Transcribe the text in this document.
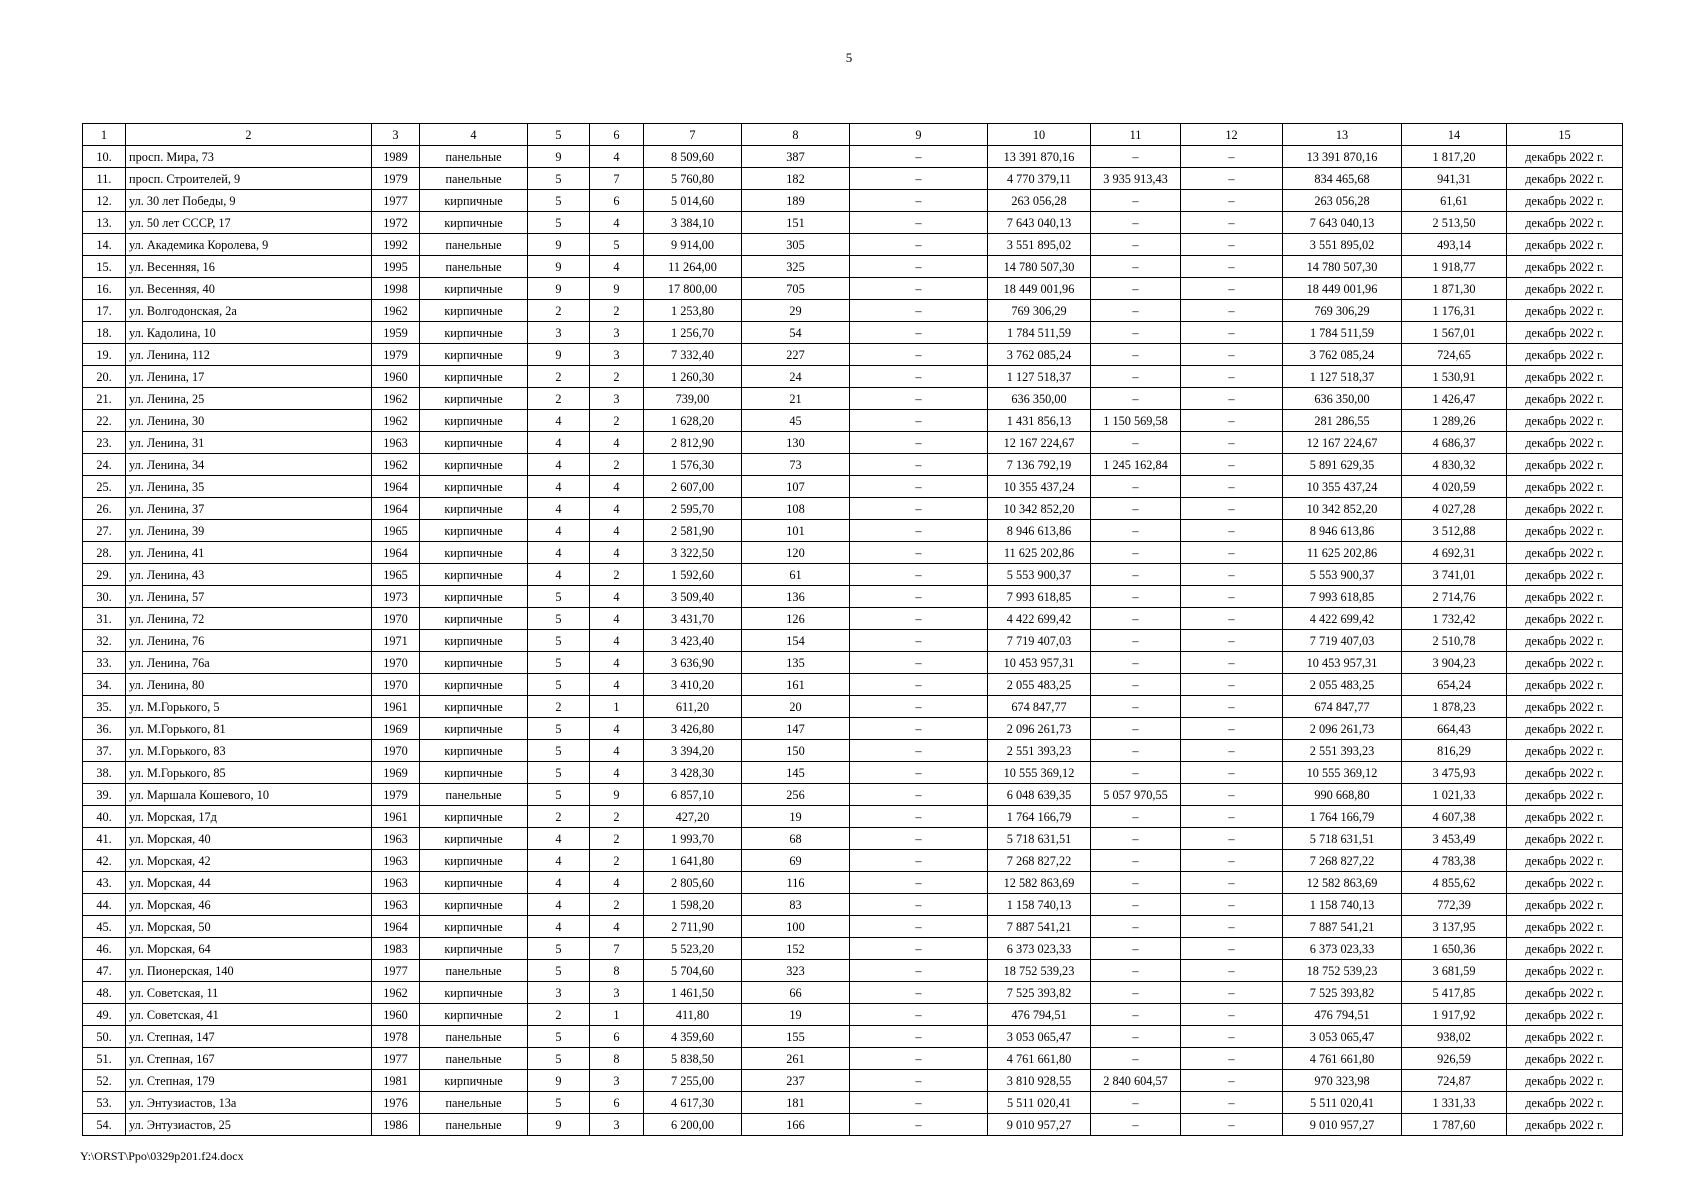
5
1	2	3	4	5	6	7	8	9	10	11	12	13	14	15
10.	просп. Мира, 73	1989	панельные	9	4	8 509,60	387	–	13 391 870,16	–	–	13 391 870,16	1 817,20	декабрь 2022 г.
11.	просп. Строителей, 9	1979	панельные	5	7	5 760,80	182	–	4 770 379,11	3 935 913,43	–	834 465,68	941,31	декабрь 2022 г.
12.	ул. 30 лет Победы, 9	1977	кирпичные	5	6	5 014,60	189	–	263 056,28	–	–	263 056,28	61,61	декабрь 2022 г.
13.	ул. 50 лет СССР, 17	1972	кирпичные	5	4	3 384,10	151	–	7 643 040,13	–	–	7 643 040,13	2 513,50	декабрь 2022 г.
14.	ул. Академика Королева, 9	1992	панельные	9	5	9 914,00	305	–	3 551 895,02	–	–	3 551 895,02	493,14	декабрь 2022 г.
15.	ул. Весенняя, 16	1995	панельные	9	4	11 264,00	325	–	14 780 507,30	–	–	14 780 507,30	1 918,77	декабрь 2022 г.
16.	ул. Весенняя, 40	1998	кирпичные	9	9	17 800,00	705	–	18 449 001,96	–	–	18 449 001,96	1 871,30	декабрь 2022 г.
17.	ул. Волгодонская, 2а	1962	кирпичные	2	2	1 253,80	29	–	769 306,29	–	–	769 306,29	1 176,31	декабрь 2022 г.
18.	ул. Кадолина, 10	1959	кирпичные	3	3	1 256,70	54	–	1 784 511,59	–	–	1 784 511,59	1 567,01	декабрь 2022 г.
19.	ул. Ленина, 112	1979	кирпичные	9	3	7 332,40	227	–	3 762 085,24	–	–	3 762 085,24	724,65	декабрь 2022 г.
20.	ул. Ленина, 17	1960	кирпичные	2	2	1 260,30	24	–	1 127 518,37	–	–	1 127 518,37	1 530,91	декабрь 2022 г.
21.	ул. Ленина, 25	1962	кирпичные	2	3	739,00	21	–	636 350,00	–	–	636 350,00	1 426,47	декабрь 2022 г.
22.	ул. Ленина, 30	1962	кирпичные	4	2	1 628,20	45	–	1 431 856,13	1 150 569,58	–	281 286,55	1 289,26	декабрь 2022 г.
23.	ул. Ленина, 31	1963	кирпичные	4	4	2 812,90	130	–	12 167 224,67	–	–	12 167 224,67	4 686,37	декабрь 2022 г.
24.	ул. Ленина, 34	1962	кирпичные	4	2	1 576,30	73	–	7 136 792,19	1 245 162,84	–	5 891 629,35	4 830,32	декабрь 2022 г.
25.	ул. Ленина, 35	1964	кирпичные	4	4	2 607,00	107	–	10 355 437,24	–	–	10 355 437,24	4 020,59	декабрь 2022 г.
26.	ул. Ленина, 37	1964	кирпичные	4	4	2 595,70	108	–	10 342 852,20	–	–	10 342 852,20	4 027,28	декабрь 2022 г.
27.	ул. Ленина, 39	1965	кирпичные	4	4	2 581,90	101	–	8 946 613,86	–	–	8 946 613,86	3 512,88	декабрь 2022 г.
28.	ул. Ленина, 41	1964	кирпичные	4	4	3 322,50	120	–	11 625 202,86	–	–	11 625 202,86	4 692,31	декабрь 2022 г.
29.	ул. Ленина, 43	1965	кирпичные	4	2	1 592,60	61	–	5 553 900,37	–	–	5 553 900,37	3 741,01	декабрь 2022 г.
30.	ул. Ленина, 57	1973	кирпичные	5	4	3 509,40	136	–	7 993 618,85	–	–	7 993 618,85	2 714,76	декабрь 2022 г.
31.	ул. Ленина, 72	1970	кирпичные	5	4	3 431,70	126	–	4 422 699,42	–	–	4 422 699,42	1 732,42	декабрь 2022 г.
32.	ул. Ленина, 76	1971	кирпичные	5	4	3 423,40	154	–	7 719 407,03	–	–	7 719 407,03	2 510,78	декабрь 2022 г.
33.	ул. Ленина, 76а	1970	кирпичные	5	4	3 636,90	135	–	10 453 957,31	–	–	10 453 957,31	3 904,23	декабрь 2022 г.
34.	ул. Ленина, 80	1970	кирпичные	5	4	3 410,20	161	–	2 055 483,25	–	–	2 055 483,25	654,24	декабрь 2022 г.
35.	ул. М.Горького, 5	1961	кирпичные	2	1	611,20	20	–	674 847,77	–	–	674 847,77	1 878,23	декабрь 2022 г.
36.	ул. М.Горького, 81	1969	кирпичные	5	4	3 426,80	147	–	2 096 261,73	–	–	2 096 261,73	664,43	декабрь 2022 г.
37.	ул. М.Горького, 83	1970	кирпичные	5	4	3 394,20	150	–	2 551 393,23	–	–	2 551 393,23	816,29	декабрь 2022 г.
38.	ул. М.Горького, 85	1969	кирпичные	5	4	3 428,30	145	–	10 555 369,12	–	–	10 555 369,12	3 475,93	декабрь 2022 г.
39.	ул. Маршала Кошевого, 10	1979	панельные	5	9	6 857,10	256	–	6 048 639,35	5 057 970,55	–	990 668,80	1 021,33	декабрь 2022 г.
40.	ул. Морская, 17д	1961	кирпичные	2	2	427,20	19	–	1 764 166,79	–	–	1 764 166,79	4 607,38	декабрь 2022 г.
41.	ул. Морская, 40	1963	кирпичные	4	2	1 993,70	68	–	5 718 631,51	–	–	5 718 631,51	3 453,49	декабрь 2022 г.
42.	ул. Морская, 42	1963	кирпичные	4	2	1 641,80	69	–	7 268 827,22	–	–	7 268 827,22	4 783,38	декабрь 2022 г.
43.	ул. Морская, 44	1963	кирпичные	4	4	2 805,60	116	–	12 582 863,69	–	–	12 582 863,69	4 855,62	декабрь 2022 г.
44.	ул. Морская, 46	1963	кирпичные	4	2	1 598,20	83	–	1 158 740,13	–	–	1 158 740,13	772,39	декабрь 2022 г.
45.	ул. Морская, 50	1964	кирпичные	4	4	2 711,90	100	–	7 887 541,21	–	–	7 887 541,21	3 137,95	декабрь 2022 г.
46.	ул. Морская, 64	1983	кирпичные	5	7	5 523,20	152	–	6 373 023,33	–	–	6 373 023,33	1 650,36	декабрь 2022 г.
47.	ул. Пионерская, 140	1977	панельные	5	8	5 704,60	323	–	18 752 539,23	–	–	18 752 539,23	3 681,59	декабрь 2022 г.
48.	ул. Советская, 11	1962	кирпичные	3	3	1 461,50	66	–	7 525 393,82	–	–	7 525 393,82	5 417,85	декабрь 2022 г.
49.	ул. Советская, 41	1960	кирпичные	2	1	411,80	19	–	476 794,51	–	–	476 794,51	1 917,92	декабрь 2022 г.
50.	ул. Степная, 147	1978	панельные	5	6	4 359,60	155	–	3 053 065,47	–	–	3 053 065,47	938,02	декабрь 2022 г.
51.	ул. Степная, 167	1977	панельные	5	8	5 838,50	261	–	4 761 661,80	–	–	4 761 661,80	926,59	декабрь 2022 г.
52.	ул. Степная, 179	1981	кирпичные	9	3	7 255,00	237	–	3 810 928,55	2 840 604,57	–	970 323,98	724,87	декабрь 2022 г.
53.	ул. Энтузиастов, 13а	1976	панельные	5	6	4 617,30	181	–	5 511 020,41	–	–	5 511 020,41	1 331,33	декабрь 2022 г.
54.	ул. Энтузиастов, 25	1986	панельные	9	3	6 200,00	166	–	9 010 957,27	–	–	9 010 957,27	1 787,60	декабрь 2022 г.
Y:\ORST\Ppo\0329p201.f24.docx
